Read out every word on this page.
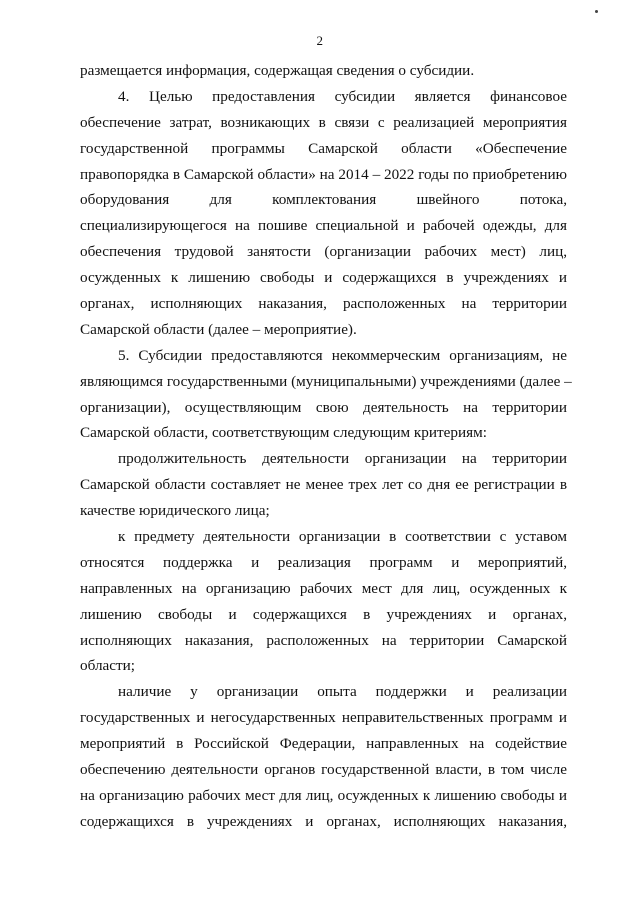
2
размещается информация, содержащая сведения о субсидии.
4. Целью предоставления субсидии является финансовое
обеспечение затрат, возникающих в связи с реализацией мероприятия
государственной программы Самарской области «Обеспечение
правопорядка в Самарской области» на 2014 – 2022 годы по приобретению
оборудования для комплектования швейного потока,
специализирующегося на пошиве специальной и рабочей одежды, для
обеспечения трудовой занятости (организации рабочих мест) лиц,
осужденных к лишению свободы и содержащихся в учреждениях и
органах, исполняющих наказания, расположенных на территории
Самарской области (далее – мероприятие).
5. Субсидии предоставляются некоммерческим организациям, не
являющимся государственными (муниципальными) учреждениями (далее –
организации), осуществляющим свою деятельность на территории
Самарской области, соответствующим следующим критериям:
продолжительность деятельности организации на территории
Самарской области составляет не менее трех лет со дня ее регистрации в
качестве юридического лица;
к предмету деятельности организации в соответствии с уставом
относятся поддержка и реализация программ и мероприятий,
направленных на организацию рабочих мест для лиц, осужденных к
лишению свободы и содержащихся в учреждениях и органах,
исполняющих наказания, расположенных на территории Самарской
области;
наличие у организации опыта поддержки и реализации
государственных и негосударственных неправительственных программ и
мероприятий в Российской Федерации, направленных на содействие
обеспечению деятельности органов государственной власти, в том числе
на организацию рабочих мест для лиц, осужденных к лишению свободы и
содержащихся в учреждениях и органах, исполняющих наказания,
